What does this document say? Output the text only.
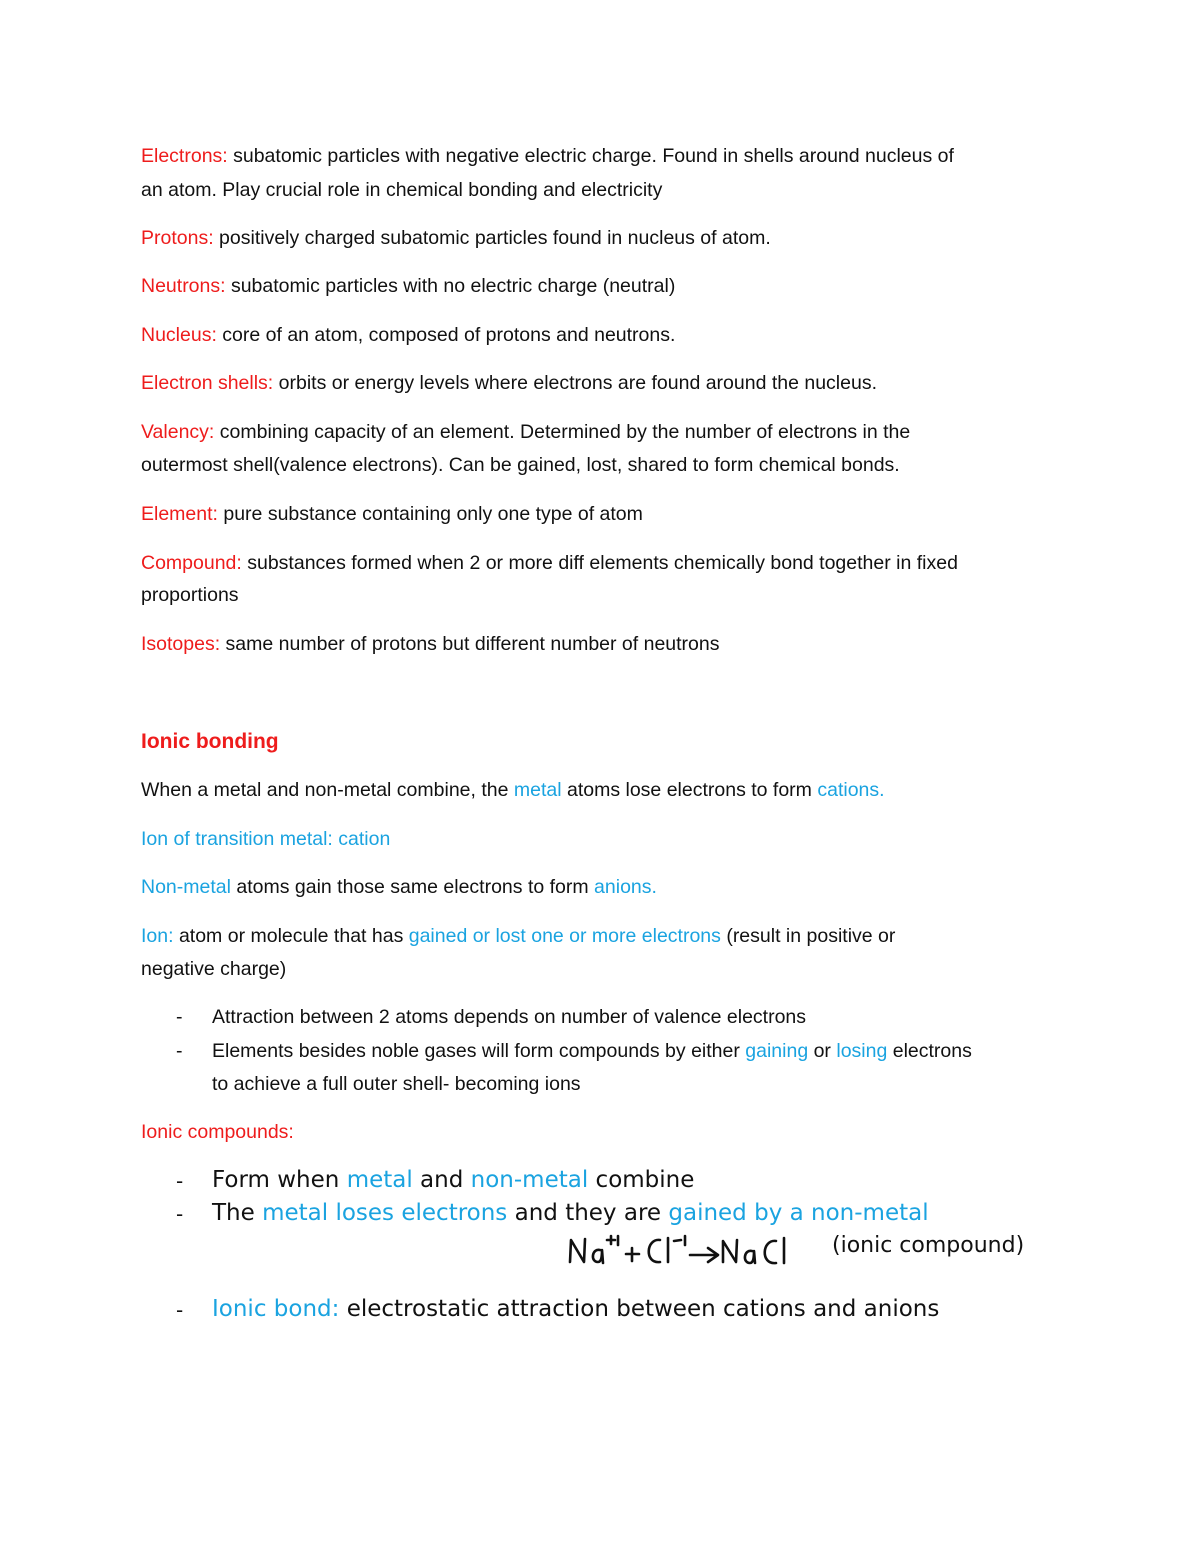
Electrons: subatomic particles with negative electric charge. Found in shells around nucleus of
an atom. Play crucial role in chemical bonding and electricity
Protons: positively charged subatomic particles found in nucleus of atom.
Neutrons: subatomic particles with no electric charge (neutral)
Nucleus: core of an atom, composed of protons and neutrons.
Electron shells: orbits or energy levels where electrons are found around the nucleus.
Valency: combining capacity of an element. Determined by the number of electrons in the
outermost shell(valence electrons). Can be gained, lost, shared to form chemical bonds.
Element: pure substance containing only one type of atom
Compound: substances formed when 2 or more diff elements chemically bond together in fixed
proportions
Isotopes: same number of protons but different number of neutrons
Ionic bonding
When a metal and non-metal combine, the metal atoms lose electrons to form cations.
Ion of transition metal: cation
Non-metal atoms gain those same electrons to form anions.
Ion: atom or molecule that has gained or lost one or more electrons (result in positive or
negative charge)
- Attraction between 2 atoms depends on number of valence electrons
- Elements besides noble gases will form compounds by either gaining or losing electrons
to achieve a full outer shell- becoming ions
Ionic compounds:
- Form when metal and non-metal combine
- The metal loses electrons and they are gained by a non-metal
(ionic compound)
- Ionic bond: electrostatic attraction between cations and anions
